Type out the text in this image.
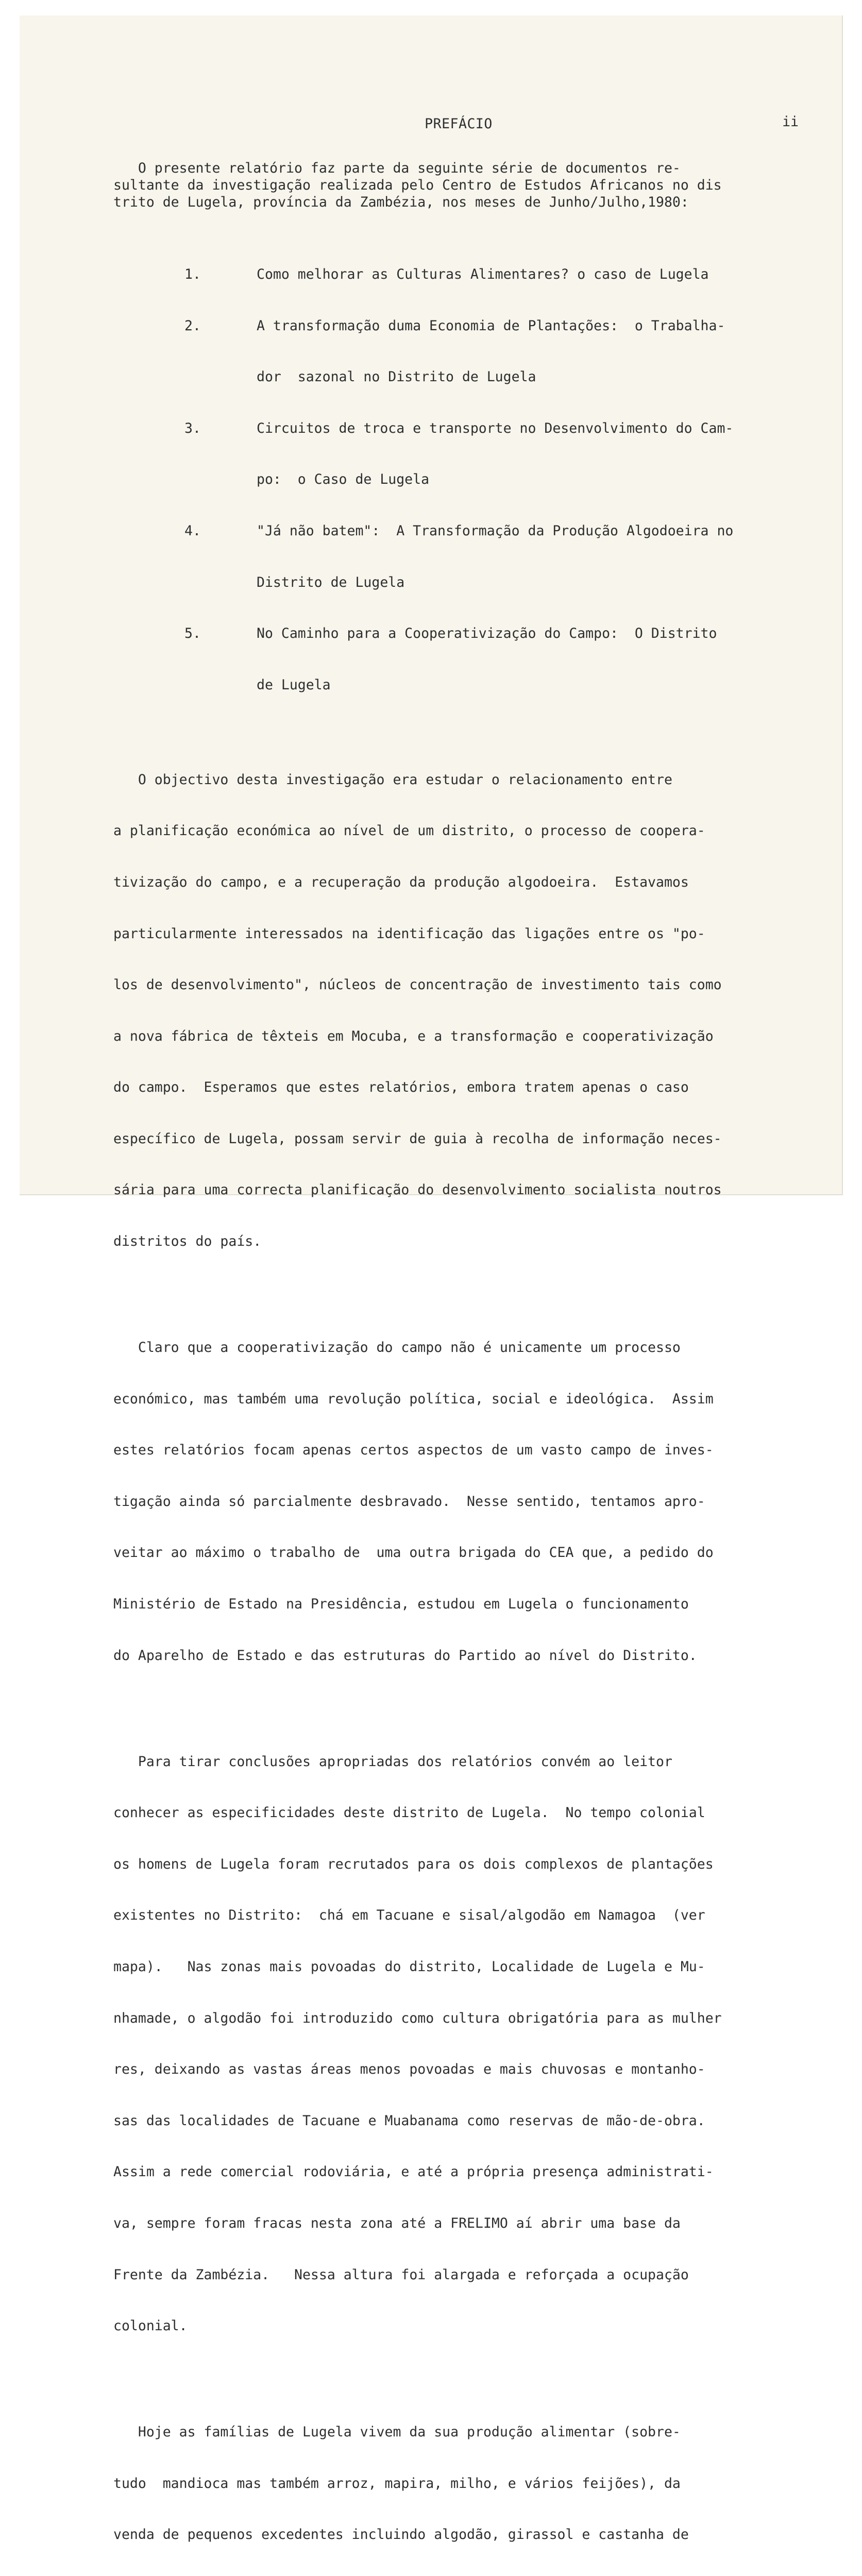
PREFÁCIO	ii
O presente relatório faz parte da seguinte série de documentos re-
sultante da investigação realizada pelo Centro de Estudos Africanos no dis
trito de Lugela, província da Zambézia, nos meses de Junho/Julho,1980:

1.	Como melhorar as Culturas Alimentares? o caso de Lugela

2.	A transformação duma Economia de Plantações:  o Trabalha-

dor  sazonal no Distrito de Lugela

3.	Circuitos de troca e transporte no Desenvolvimento do Cam-

po:  o Caso de Lugela

4.	"Já não batem":  A Transformação da Produção Algodoeira no

Distrito de Lugela

5.	No Caminho para a Cooperativização do Campo:  O Distrito

de Lugela

O objectivo desta investigação era estudar o relacionamento entre

a planificação económica ao nível de um distrito, o processo de coopera-

tivização do campo, e a recuperação da produção algodoeira.  Estavamos

particularmente interessados na identificação das ligações entre os "po-

los de desenvolvimento", núcleos de concentração de investimento tais como

a nova fábrica de têxteis em Mocuba, e a transformação e cooperativização

do campo.  Esperamos que estes relatórios, embora tratem apenas o caso

específico de Lugela, possam servir de guia à recolha de informação neces-

sária para uma correcta planificação do desenvolvimento socialista noutros

distritos do país.

Claro que a cooperativização do campo não é unicamente um processo

económico, mas também uma revolução política, social e ideológica.  Assim

estes relatórios focam apenas certos aspectos de um vasto campo de inves-

tigação ainda só parcialmente desbravado.  Nesse sentido, tentamos apro-

veitar ao máximo o trabalho de  uma outra brigada do CEA que, a pedido do

Ministério de Estado na Presidência, estudou em Lugela o funcionamento

do Aparelho de Estado e das estruturas do Partido ao nível do Distrito.

Para tirar conclusões apropriadas dos relatórios convém ao leitor

conhecer as especificidades deste distrito de Lugela.  No tempo colonial

os homens de Lugela foram recrutados para os dois complexos de plantações

existentes no Distrito:  chá em Tacuane e sisal/algodão em Namagoa  (ver

mapa).   Nas zonas mais povoadas do distrito, Localidade de Lugela e Mu-

nhamade, o algodão foi introduzido como cultura obrigatória para as mulher

res, deixando as vastas áreas menos povoadas e mais chuvosas e montanho-

sas das localidades de Tacuane e Muabanama como reservas de mão-de-obra.

Assim a rede comercial rodoviária, e até a própria presença administrati-

va, sempre foram fracas nesta zona até a FRELIMO aí abrir uma base da

Frente da Zambézia.   Nessa altura foi alargada e reforçada a ocupação

colonial.

Hoje as famílias de Lugela vivem da sua produção alimentar (sobre-

tudo  mandioca mas também arroz, mapira, milho, e vários feijões), da

venda de pequenos excedentes incluindo algodão, girassol e castanha de
